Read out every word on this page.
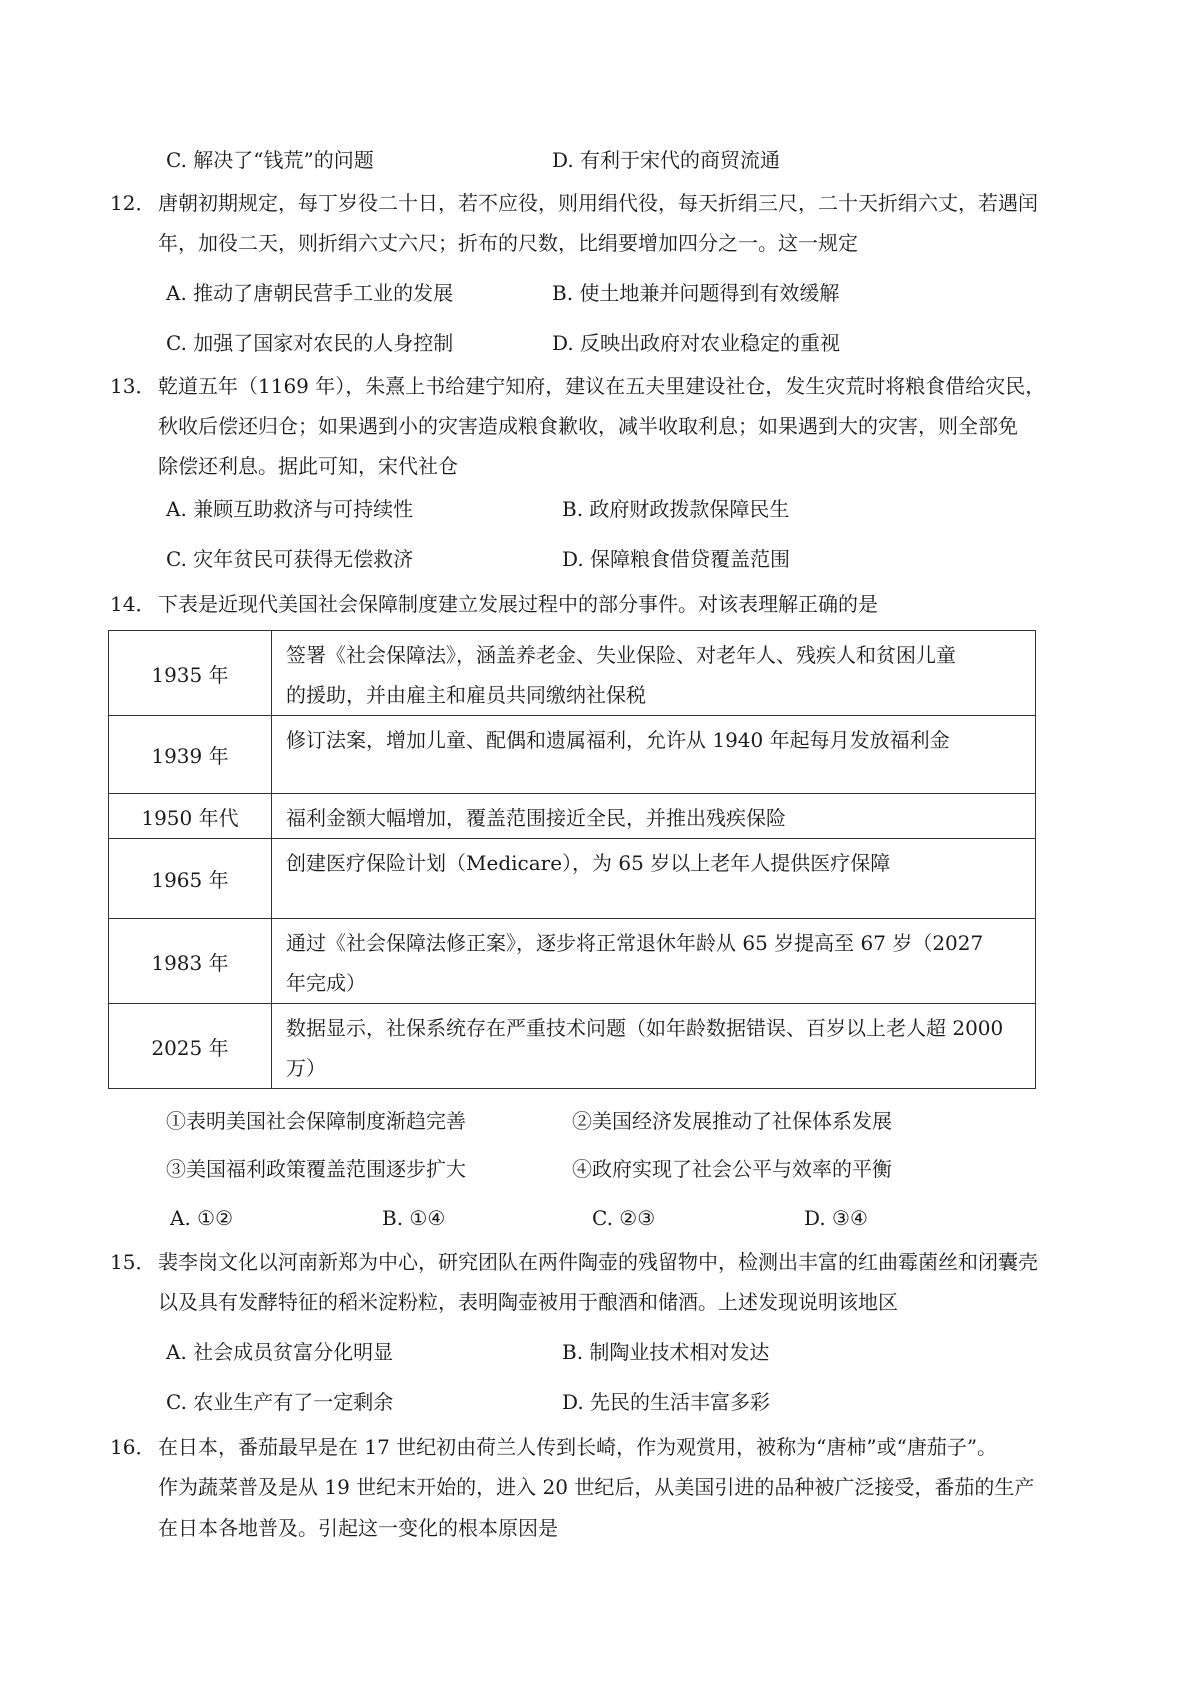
C. 解决了“钱荒”的问题	D. 有利于宋代的商贸流通
12． 唐朝初期规定，每丁岁役二十日，若不应役，则用绢代役，每天折绢三尺，二十天折绢六丈，若遇闰
年，加役二天，则折绢六丈六尺；折布的尺数，比绢要增加四分之一。这一规定
A. 推动了唐朝民营手工业的发展	B. 使土地兼并问题得到有效缓解
C. 加强了国家对农民的人身控制	D. 反映出政府对农业稳定的重视
13． 乾道五年（1169 年），朱熹上书给建宁知府，建议在五夫里建设社仓，发生灾荒时将粮食借给灾民，
秋收后偿还归仓；如果遇到小的灾害造成粮食歉收，减半收取利息；如果遇到大的灾害，则全部免
除偿还利息。据此可知，宋代社仓
A. 兼顾互助救济与可持续性	B. 政府财政拨款保障民生
C. 灾年贫民可获得无偿救济	D. 保障粮食借贷覆盖范围
14． 下表是近现代美国社会保障制度建立发展过程中的部分事件。对该表理解正确的是
1935 年	签署《社会保障法》，涵盖养老金、失业保险、对老年人、残疾人和贫困儿童
的援助，并由雇主和雇员共同缴纳社保税

1939 年	修订法案，增加儿童、配偶和遗属福利，允许从 1940 年起每月发放福利金

1950 年代	福利金额大幅增加，覆盖范围接近全民，并推出残疾保险

1965 年	创建医疗保险计划（Medicare），为 65 岁以上老年人提供医疗保障

1983 年	通过《社会保障法修正案》，逐步将正常退休年龄从 65 岁提高至 67 岁（2027
年完成）

2025 年	数据显示，社保系统存在严重技术问题（如年龄数据错误、百岁以上老人超 2000
万）
①表明美国社会保障制度渐趋完善	②美国经济发展推动了社保体系发展
③美国福利政策覆盖范围逐步扩大	④政府实现了社会公平与效率的平衡
A. ①②	B. ①④	C. ②③	D. ③④
15． 裴李岗文化以河南新郑为中心，研究团队在两件陶壶的残留物中，检测出丰富的红曲霉菌丝和闭囊壳
以及具有发酵特征的稻米淀粉粒，表明陶壶被用于酿酒和储酒。上述发现说明该地区
A. 社会成员贫富分化明显	B. 制陶业技术相对发达
C. 农业生产有了一定剩余	D. 先民的生活丰富多彩
16． 在日本，番茄最早是在 17 世纪初由荷兰人传到长崎，作为观赏用，被称为“唐柿”或“唐茄子”。
作为蔬菜普及是从 19 世纪末开始的，进入 20 世纪后，从美国引进的品种被广泛接受，番茄的生产
在日本各地普及。引起这一变化的根本原因是
